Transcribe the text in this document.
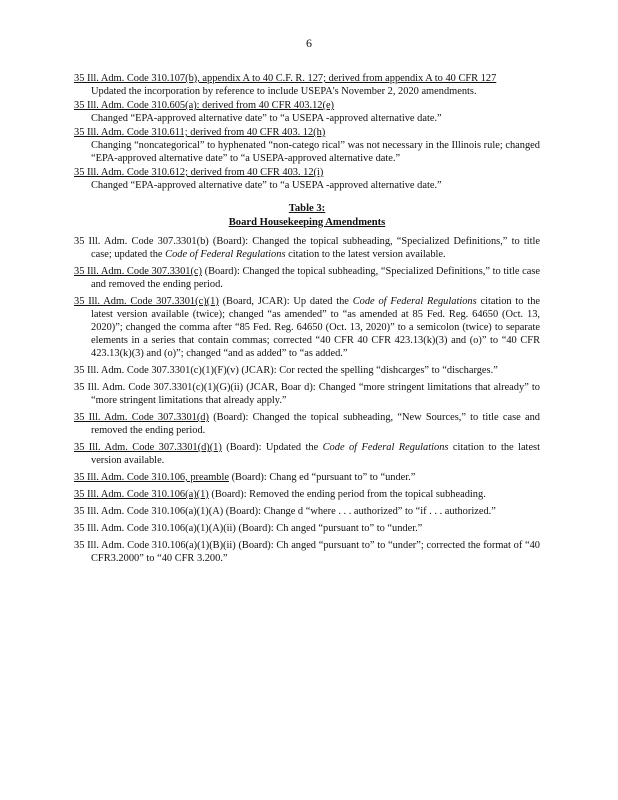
6
35 Ill. Adm. Code 310.107(b), appendix A to 40 C.F. R. 127; derived from appendix A to 40 CFR 127
Updated the incorporation by reference to include USEPA's November 2, 2020 amendments.
35 Ill. Adm. Code 310.605(a): derived from 40 CFR 403.12(e)
Changed “EPA-approved alternative date” to “a USEPA -approved alternative date.”
35 Ill. Adm. Code 310.611; derived from 40 CFR 403. 12(h)
Changing “noncategorical” to hyphenated “non-catego rical” was not necessary in the Illinois rule; changed “EPA-approved alternative date” to “a USEPA-approved alternative date.”
35 Ill. Adm. Code 310.612; derived from 40 CFR 403. 12(i)
Changed “EPA-approved alternative date” to “a USEPA -approved alternative date.”
Table 3:
Board Housekeeping Amendments
35 Ill. Adm. Code 307.3301(b) (Board): Changed the topical subheading, “Specialized Definitions,” to title case; updated the Code of Federal Regulations citation to the latest version available.
35 Ill. Adm. Code 307.3301(c) (Board): Changed the topical subheading, “Specialized Definitions,” to title case and removed the ending period.
35 Ill. Adm. Code 307.3301(c)(1) (Board, JCAR): Up dated the Code of Federal Regulations citation to the latest version available (twice); changed “as amended” to “as amended at 85 Fed. Reg. 64650 (Oct. 13, 2020)”; changed the comma after “85 Fed. Reg. 64650 (Oct. 13, 2020)” to a semicolon (twice) to separate elements in a series that contain commas; corrected “40 CFR 40 CFR 423.13(k)(3) and (o)” to “40 CFR 423.13(k)(3) and (o)”; changed “and as added” to “as added.”
35 Ill. Adm. Code 307.3301(c)(1)(F)(v) (JCAR): Cor rected the spelling “dishcarges” to “discharges.”
35 Ill. Adm. Code 307.3301(c)(1)(G)(ii) (JCAR, Boar d): Changed “more stringent limitations that already” to “more stringent limitations that already apply.”
35 Ill. Adm. Code 307.3301(d) (Board): Changed the topical subheading, “New Sources,” to title case and removed the ending period.
35 Ill. Adm. Code 307.3301(d)(1) (Board): Updated the Code of Federal Regulations citation to the latest version available.
35 Ill. Adm. Code 310.106, preamble (Board): Chang ed “pursuant to” to “under.”
35 Ill. Adm. Code 310.106(a)(1) (Board): Removed the ending period from the topical subheading.
35 Ill. Adm. Code 310.106(a)(1)(A) (Board): Change d “where . . . authorized” to “if . . . authorized.”
35 Ill. Adm. Code 310.106(a)(1)(A)(ii) (Board): Ch anged “pursuant to” to “under.”
35 Ill. Adm. Code 310.106(a)(1)(B)(ii) (Board): Ch anged “pursuant to” to “under”; corrected the format of “40 CFR3.2000” to “40 CFR 3.200.”
